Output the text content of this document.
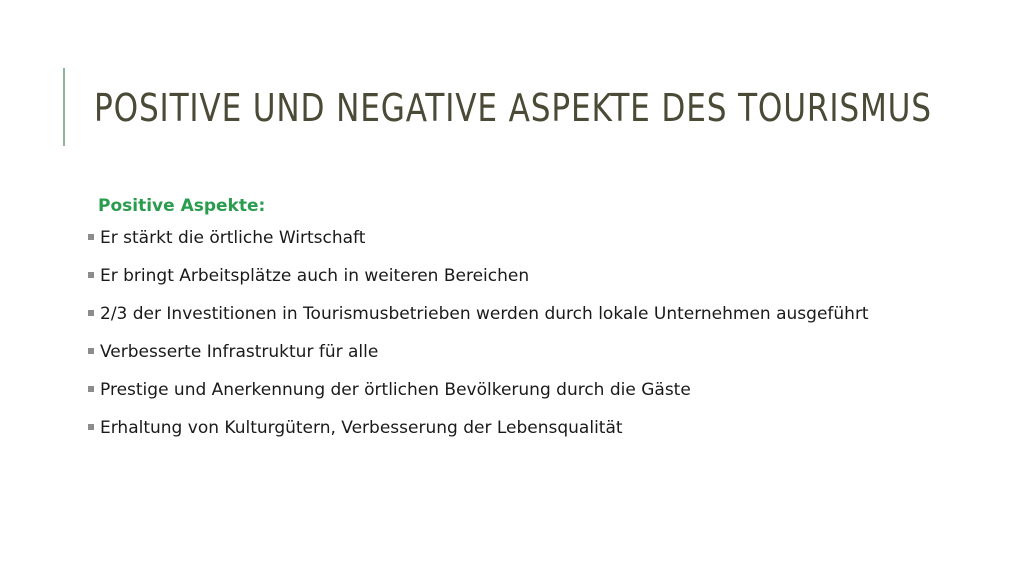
POSITIVE UND NEGATIVE ASPEKTE DES TOURISMUS

Positive Aspekte:

Er stärkt die örtliche Wirtschaft
Er bringt Arbeitsplätze auch in weiteren Bereichen
2/3 der Investitionen in Tourismusbetrieben werden durch lokale Unternehmen ausgeführt
Verbesserte Infrastruktur für alle
Prestige und Anerkennung der örtlichen Bevölkerung durch die Gäste
Erhaltung von Kulturgütern, Verbesserung der Lebensqualität
